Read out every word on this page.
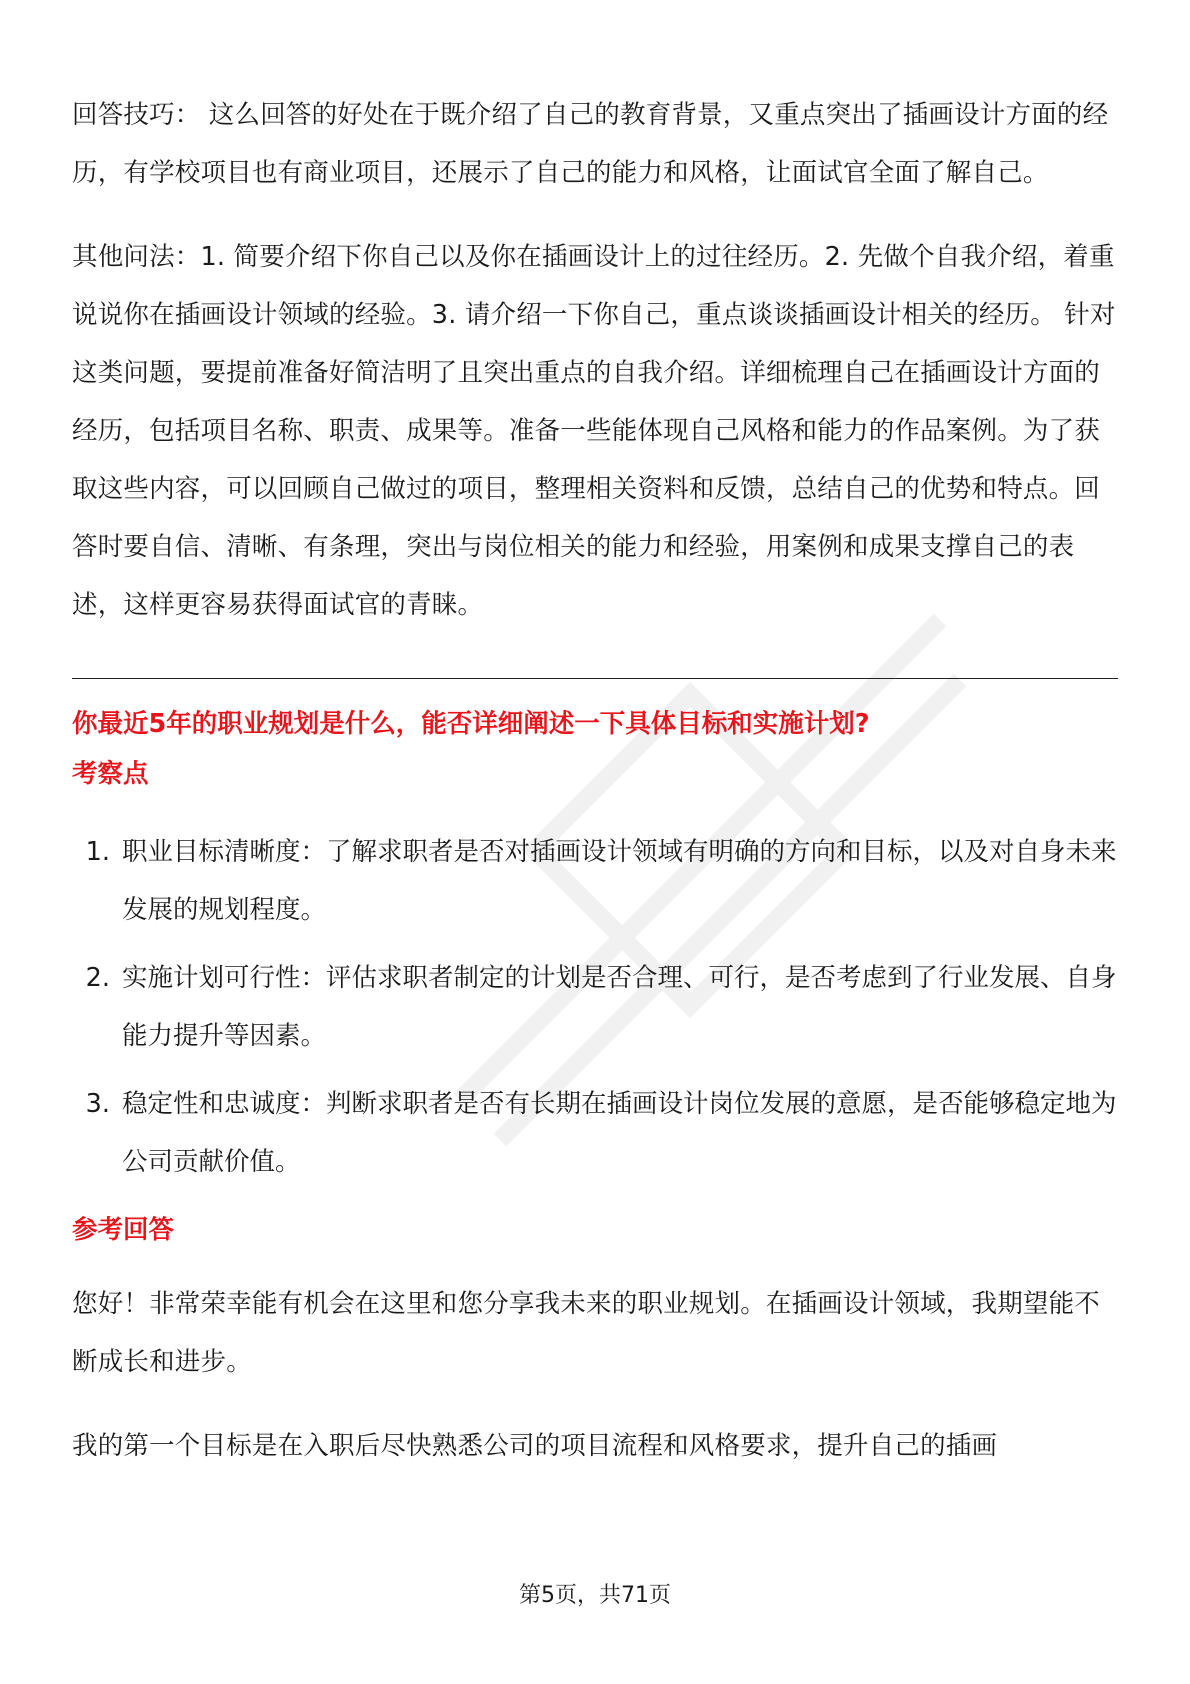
回答技巧： 这么回答的好处在于既介绍了自己的教育背景，又重点突出了插画设计方面的经历，有学校项目也有商业项目，还展示了自己的能力和风格，让面试官全面了解自己。

其他问法：1. 简要介绍下你自己以及你在插画设计上的过往经历。2. 先做个自我介绍，着重说说你在插画设计领域的经验。3. 请介绍一下你自己，重点谈谈插画设计相关的经历。 针对这类问题，要提前准备好简洁明了且突出重点的自我介绍。详细梳理自己在插画设计方面的经历，包括项目名称、职责、成果等。准备一些能体现自己风格和能力的作品案例。为了获取这些内容，可以回顾自己做过的项目，整理相关资料和反馈，总结自己的优势和特点。回答时要自信、清晰、有条理，突出与岗位相关的能力和经验，用案例和成果支撑自己的表述，这样更容易获得面试官的青睐。

你最近5年的职业规划是什么，能否详细阐述一下具体目标和实施计划?

考察点

1. 职业目标清晰度：了解求职者是否对插画设计领域有明确的方向和目标，以及对自身未来发展的规划程度。
2. 实施计划可行性：评估求职者制定的计划是否合理、可行，是否考虑到了行业发展、自身能力提升等因素。
3. 稳定性和忠诚度：判断求职者是否有长期在插画设计岗位发展的意愿，是否能够稳定地为公司贡献价值。

参考回答

您好！非常荣幸能有机会在这里和您分享我未来的职业规划。在插画设计领域，我期望能不断成长和进步。

我的第一个目标是在入职后尽快熟悉公司的项目流程和风格要求，提升自己的插画

第5页，共71页
